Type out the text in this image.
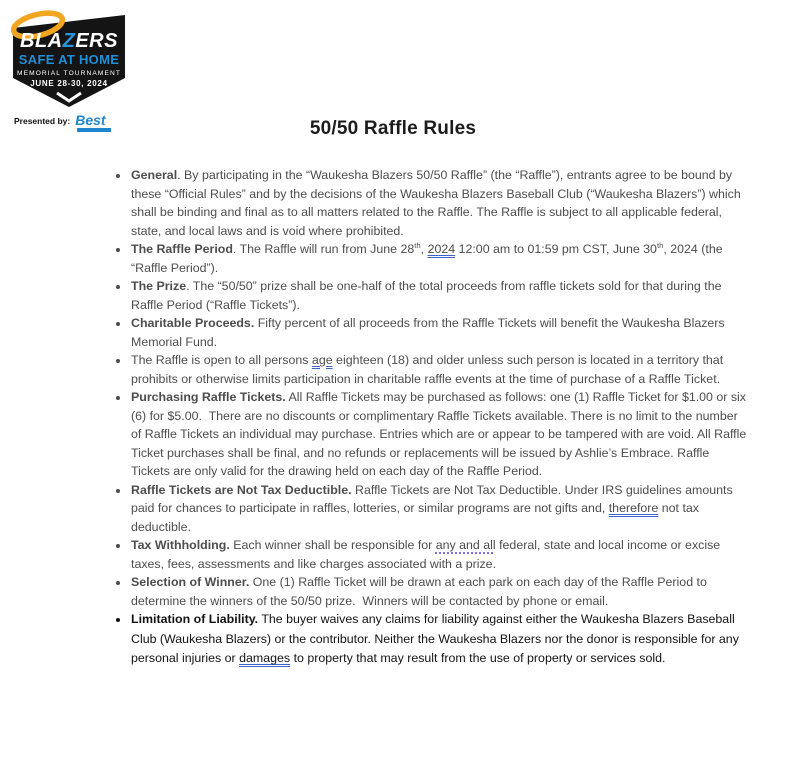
BLAZERS
SAFE AT HOME
MEMORIAL TOURNAMENT
JUNE 28-30, 2024
Presented by: Best	50/50 Raffle Rules
• General. By participating in the “Waukesha Blazers 50/50 Raffle” (the “Raffle”), entrants agree to be bound by these “Official Rules” and by the decisions of the Waukesha Blazers Baseball Club (“Waukesha Blazers”) which shall be binding and final as to all matters related to the Raffle. The Raffle is subject to all applicable federal, state, and local laws and is void where prohibited.
• The Raffle Period. The Raffle will run from June 28th, 2024 12:00 am to 01:59 pm CST, June 30th, 2024 (the “Raffle Period”).
• The Prize. The “50/50” prize shall be one-half of the total proceeds from raffle tickets sold for that during the Raffle Period (“Raffle Tickets”).
• Charitable Proceeds. Fifty percent of all proceeds from the Raffle Tickets will benefit the Waukesha Blazers Memorial Fund.
• The Raffle is open to all persons age eighteen (18) and older unless such person is located in a territory that prohibits or otherwise limits participation in charitable raffle events at the time of purchase of a Raffle Ticket.
• Purchasing Raffle Tickets. All Raffle Tickets may be purchased as follows: one (1) Raffle Ticket for $1.00 or six (6) for $5.00.  There are no discounts or complimentary Raffle Tickets available. There is no limit to the number of Raffle Tickets an individual may purchase. Entries which are or appear to be tampered with are void. All Raffle Ticket purchases shall be final, and no refunds or replacements will be issued by Ashlie’s Embrace. Raffle Tickets are only valid for the drawing held on each day of the Raffle Period.
• Raffle Tickets are Not Tax Deductible. Raffle Tickets are Not Tax Deductible. Under IRS guidelines amounts paid for chances to participate in raffles, lotteries, or similar programs are not gifts and, therefore not tax deductible.
• Tax Withholding. Each winner shall be responsible for any and all federal, state and local income or excise taxes, fees, assessments and like charges associated with a prize.
• Selection of Winner. One (1) Raffle Ticket will be drawn at each park on each day of the Raffle Period to determine the winners of the 50/50 prize.  Winners will be contacted by phone or email.
• Limitation of Liability. The buyer waives any claims for liability against either the Waukesha Blazers Baseball Club (Waukesha Blazers) or the contributor. Neither the Waukesha Blazers nor the donor is responsible for any personal injuries or damages to property that may result from the use of property or services sold.
